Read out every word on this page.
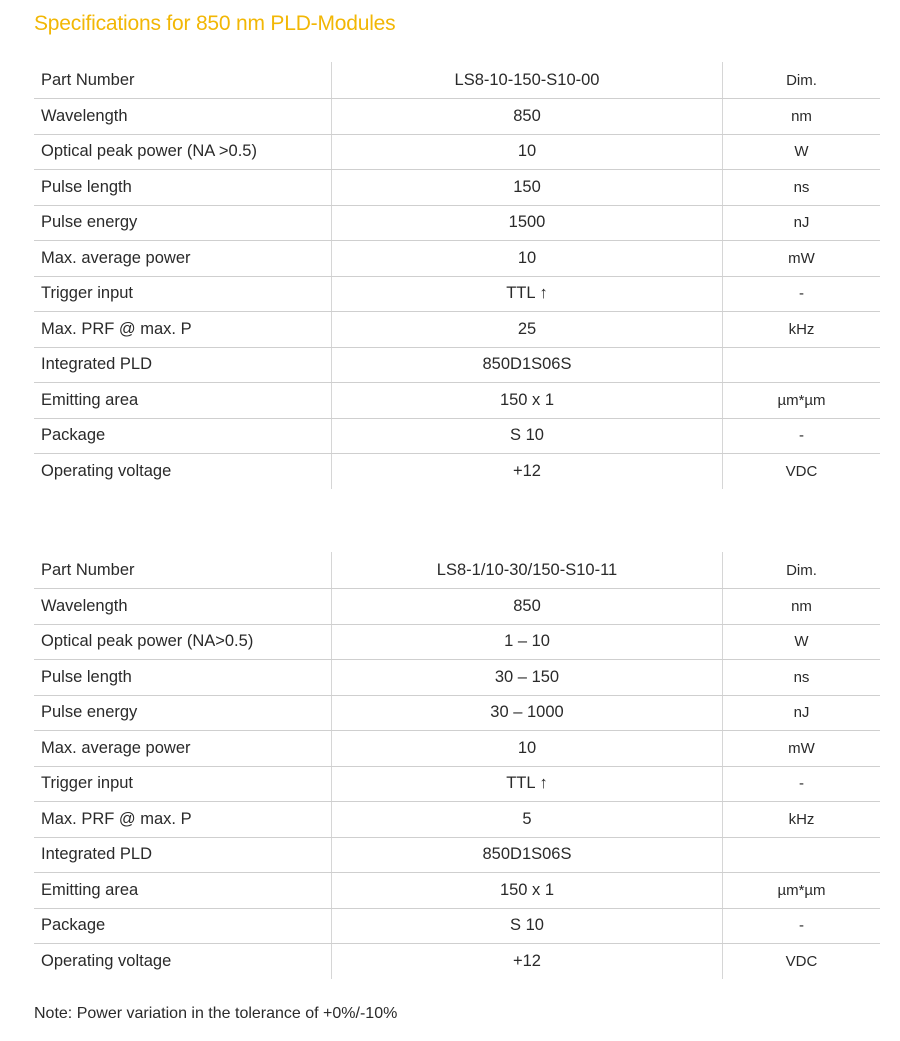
Specifications for 850 nm PLD-Modules
Part Number	LS8-10-150-S10-00	Dim.
Wavelength	850	nm
Optical peak power (NA >0.5)	10	W
Pulse length	150	ns
Pulse energy	1500	nJ
Max. average power	10	mW
Trigger input	TTL ↑	-
Max. PRF @ max. P	25	kHz
Integrated PLD	850D1S06S	
Emitting area	150 x 1	µm*µm
Package	S 10	-
Operating voltage	+12	VDC
Part Number	LS8-1/10-30/150-S10-11	Dim.
Wavelength	850	nm
Optical peak power (NA>0.5)	1 – 10	W
Pulse length	30 – 150	ns
Pulse energy	30 – 1000	nJ
Max. average power	10	mW
Trigger input	TTL ↑	-
Max. PRF @ max. P	5	kHz
Integrated PLD	850D1S06S	
Emitting area	150 x 1	µm*µm
Package	S 10	-
Operating voltage	+12	VDC
Note: Power variation in the tolerance of +0%/-10%
